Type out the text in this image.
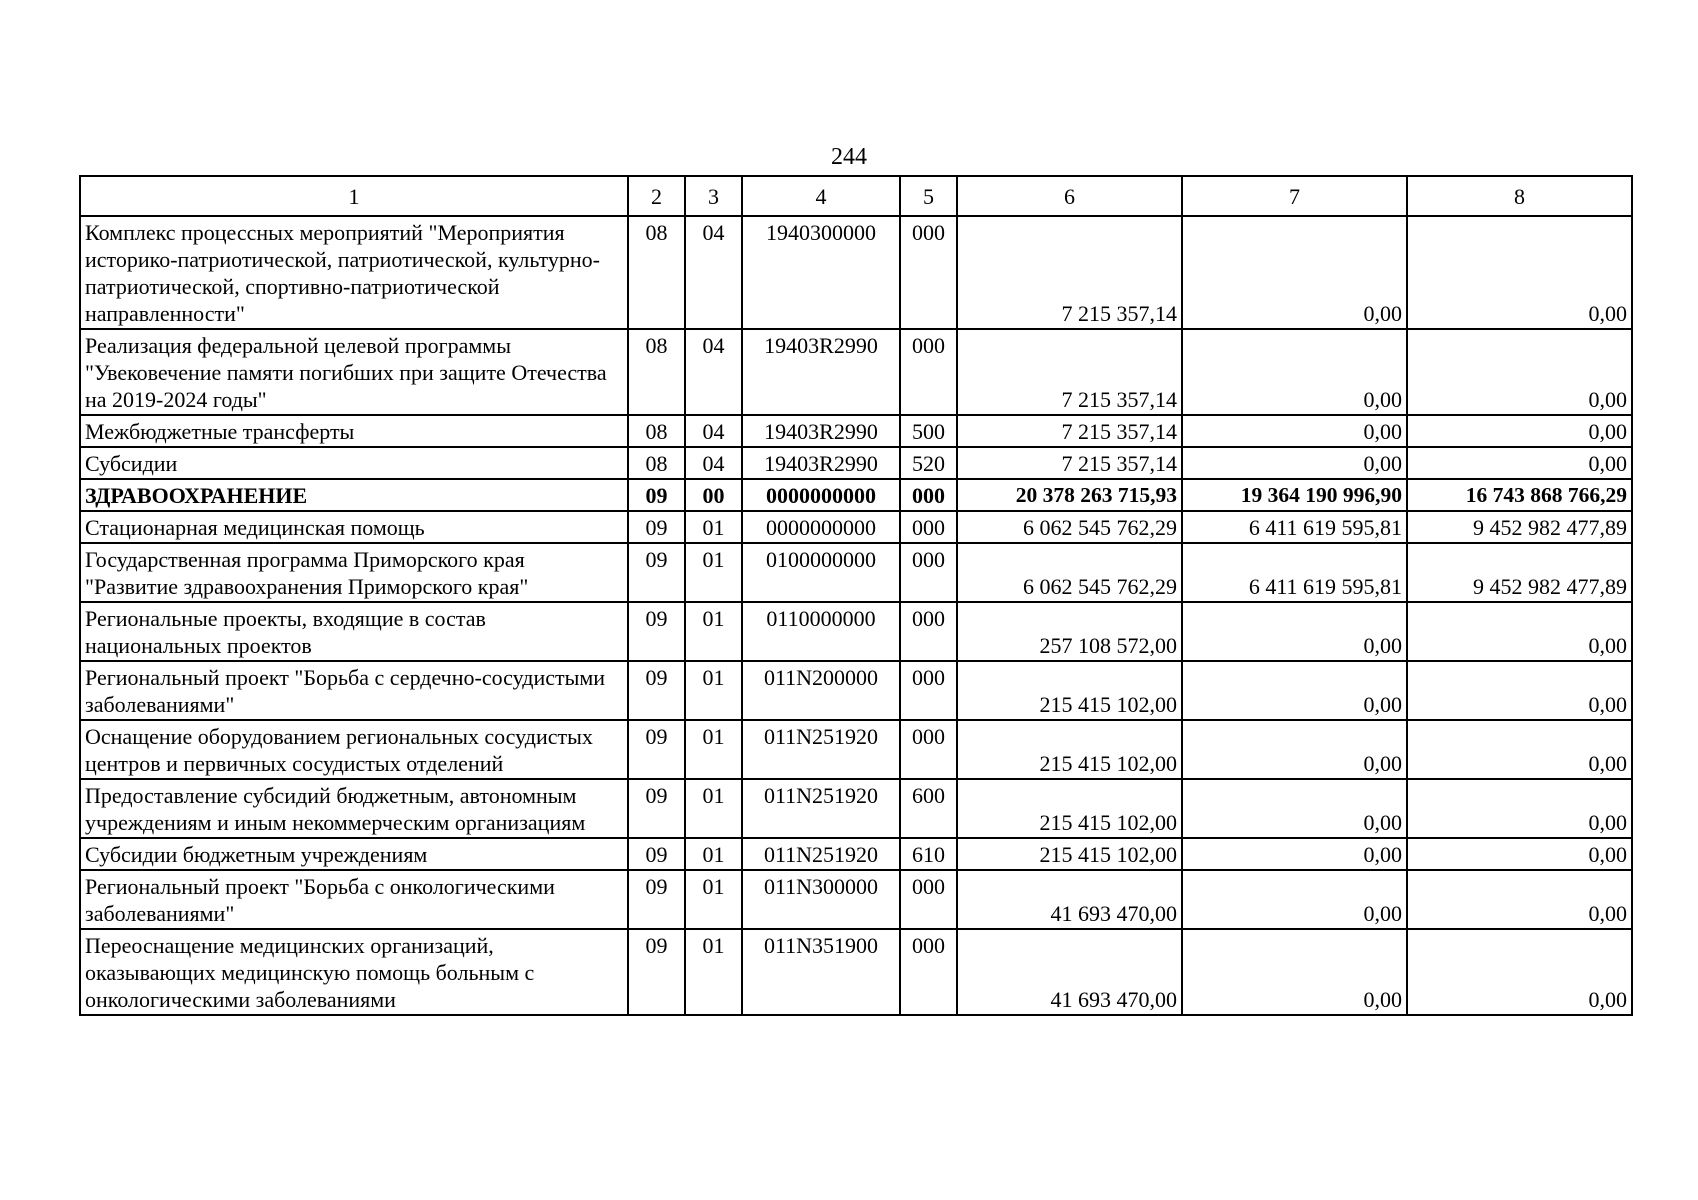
244
1	2	3	4	5	6	7	8
Комплекс процессных мероприятий "Мероприятия историко-патриотической, патриотической, культурно-патриотической, спортивно-патриотической направленности"	08	04	1940300000	000	7 215 357,14	0,00	0,00
Реализация федеральной целевой программы "Увековечение памяти погибших при защите Отечества на 2019-2024 годы"	08	04	19403R2990	000	7 215 357,14	0,00	0,00
Межбюджетные трансферты	08	04	19403R2990	500	7 215 357,14	0,00	0,00
Субсидии	08	04	19403R2990	520	7 215 357,14	0,00	0,00
ЗДРАВООХРАНЕНИЕ	09	00	0000000000	000	20 378 263 715,93	19 364 190 996,90	16 743 868 766,29
Стационарная медицинская помощь	09	01	0000000000	000	6 062 545 762,29	6 411 619 595,81	9 452 982 477,89
Государственная программа Приморского края "Развитие здравоохранения Приморского края"	09	01	0100000000	000	6 062 545 762,29	6 411 619 595,81	9 452 982 477,89
Региональные проекты, входящие в состав национальных проектов	09	01	0110000000	000	257 108 572,00	0,00	0,00
Региональный проект "Борьба с сердечно-сосудистыми заболеваниями"	09	01	011N200000	000	215 415 102,00	0,00	0,00
Оснащение оборудованием региональных сосудистых центров и первичных сосудистых отделений	09	01	011N251920	000	215 415 102,00	0,00	0,00
Предоставление субсидий бюджетным, автономным учреждениям и иным некоммерческим организациям	09	01	011N251920	600	215 415 102,00	0,00	0,00
Субсидии бюджетным учреждениям	09	01	011N251920	610	215 415 102,00	0,00	0,00
Региональный проект "Борьба с онкологическими заболеваниями"	09	01	011N300000	000	41 693 470,00	0,00	0,00
Переоснащение медицинских организаций, оказывающих медицинскую помощь больным с онкологическими заболеваниями	09	01	011N351900	000	41 693 470,00	0,00	0,00
